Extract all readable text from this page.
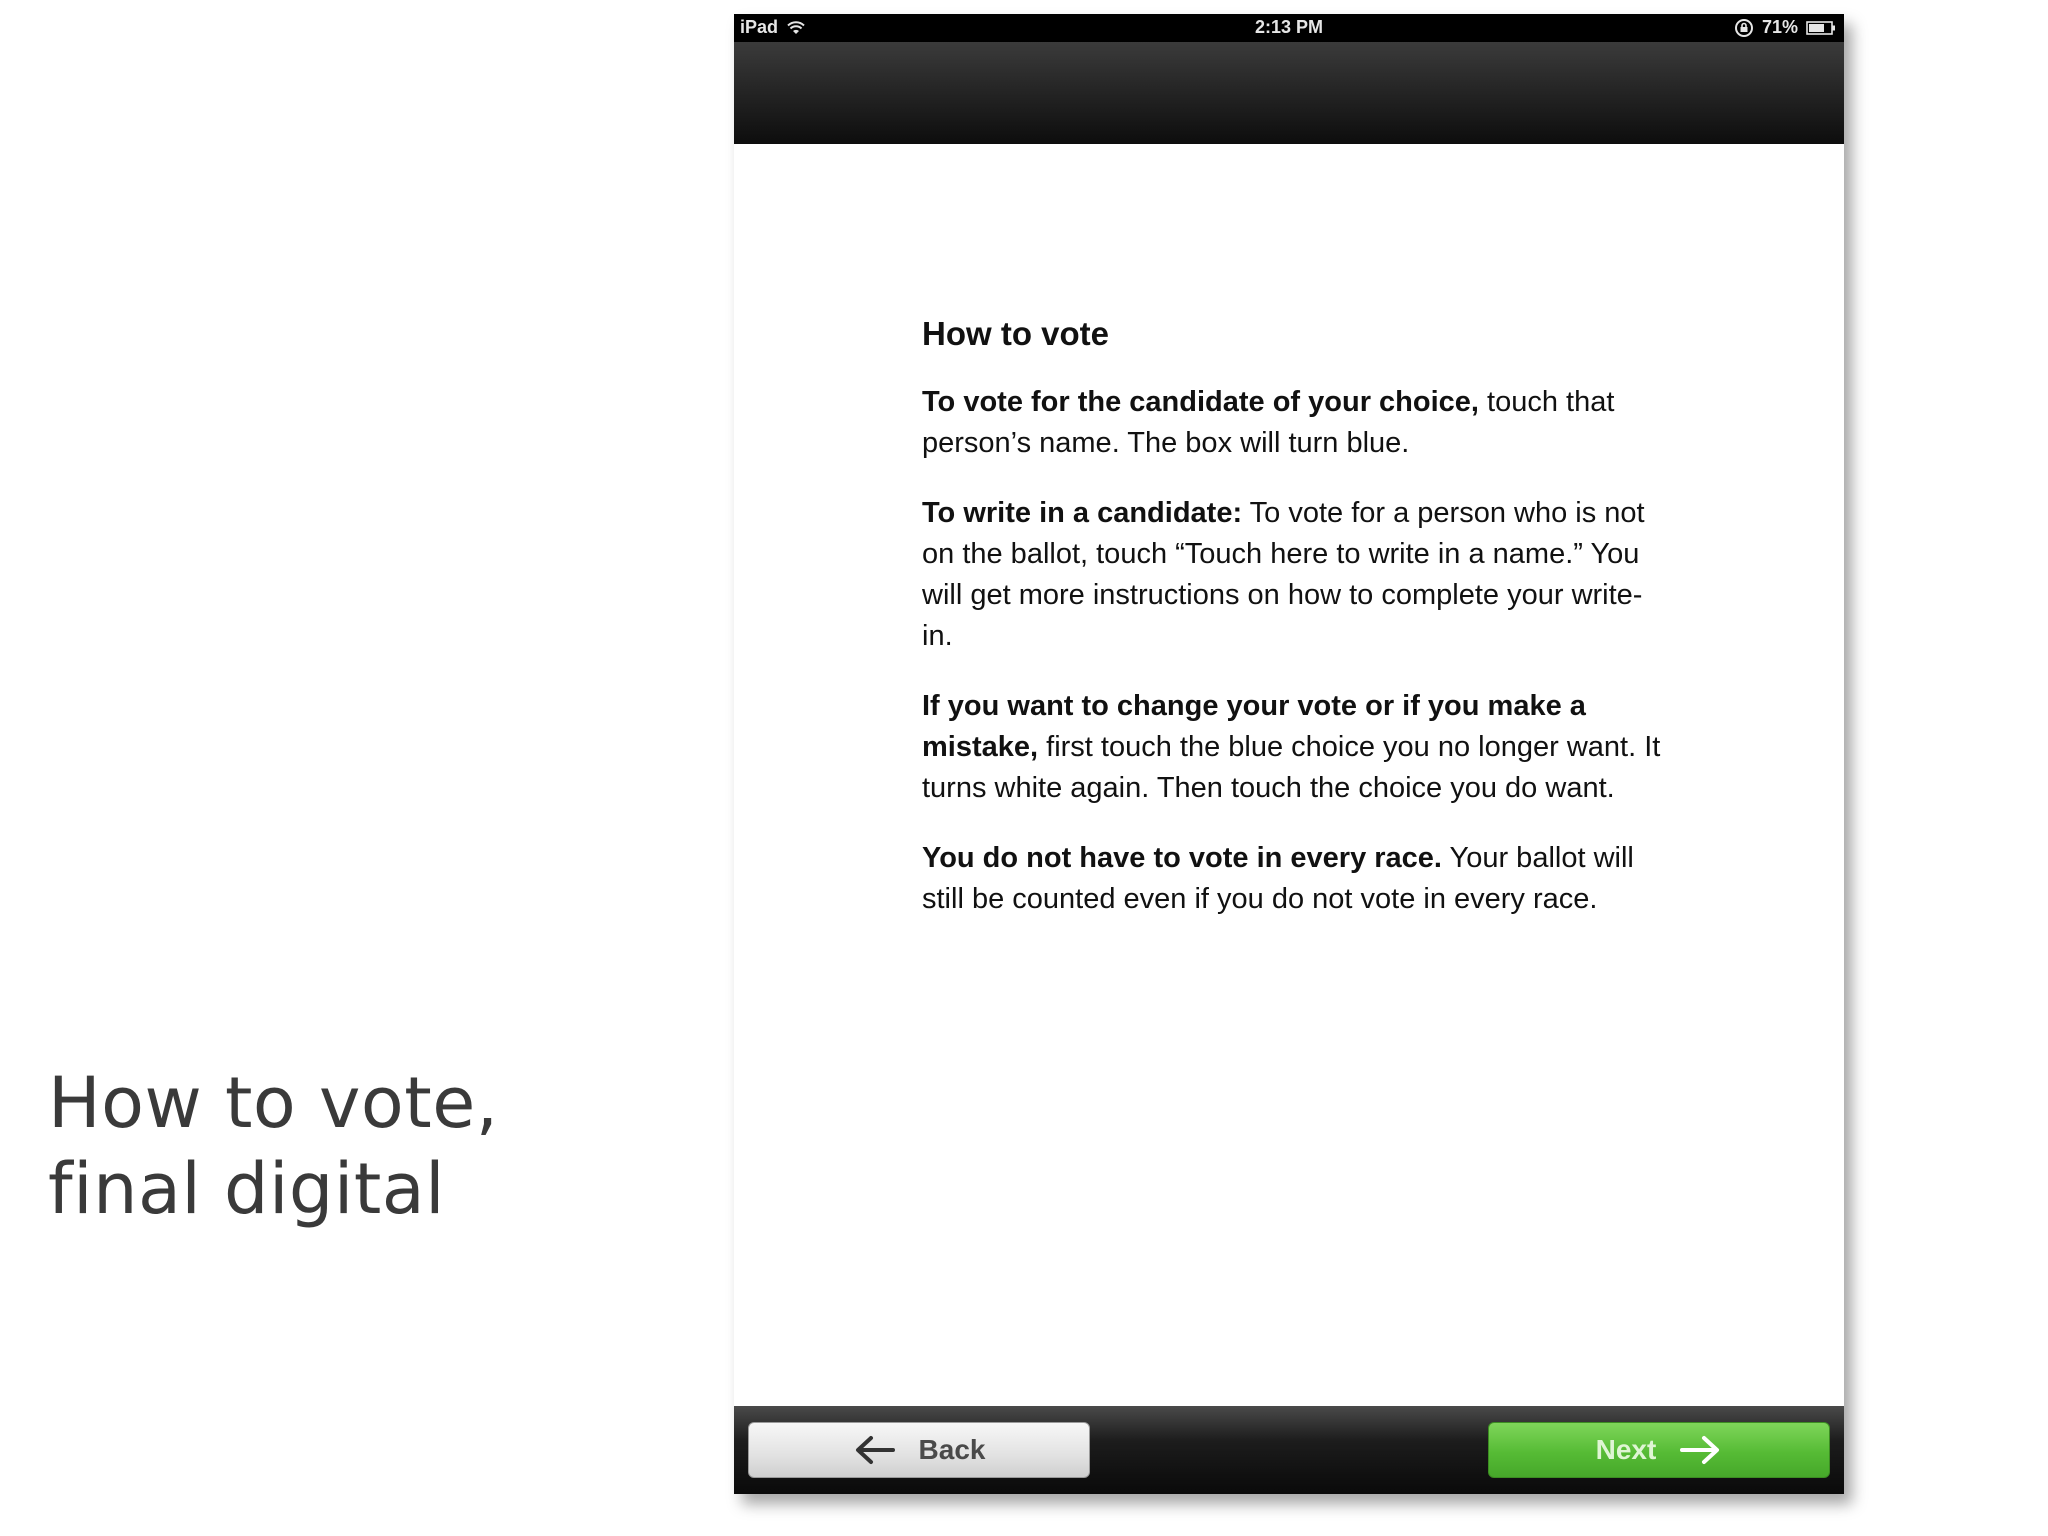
How to vote,
final digital
iPad	2:13 PM	71%
How to vote

To vote for the candidate of your choice, touch that person’s name. The box will turn blue.

To write in a candidate: To vote for a person who is not on the ballot, touch “Touch here to write in a name.” You will get more instructions on how to complete your write-in.

If you want to change your vote or if you make a mistake, first touch the blue choice you no longer want. It turns white again. Then touch the choice you do want.

You do not have to vote in every race. Your ballot will still be counted even if you do not vote in every race.

Back	Next
